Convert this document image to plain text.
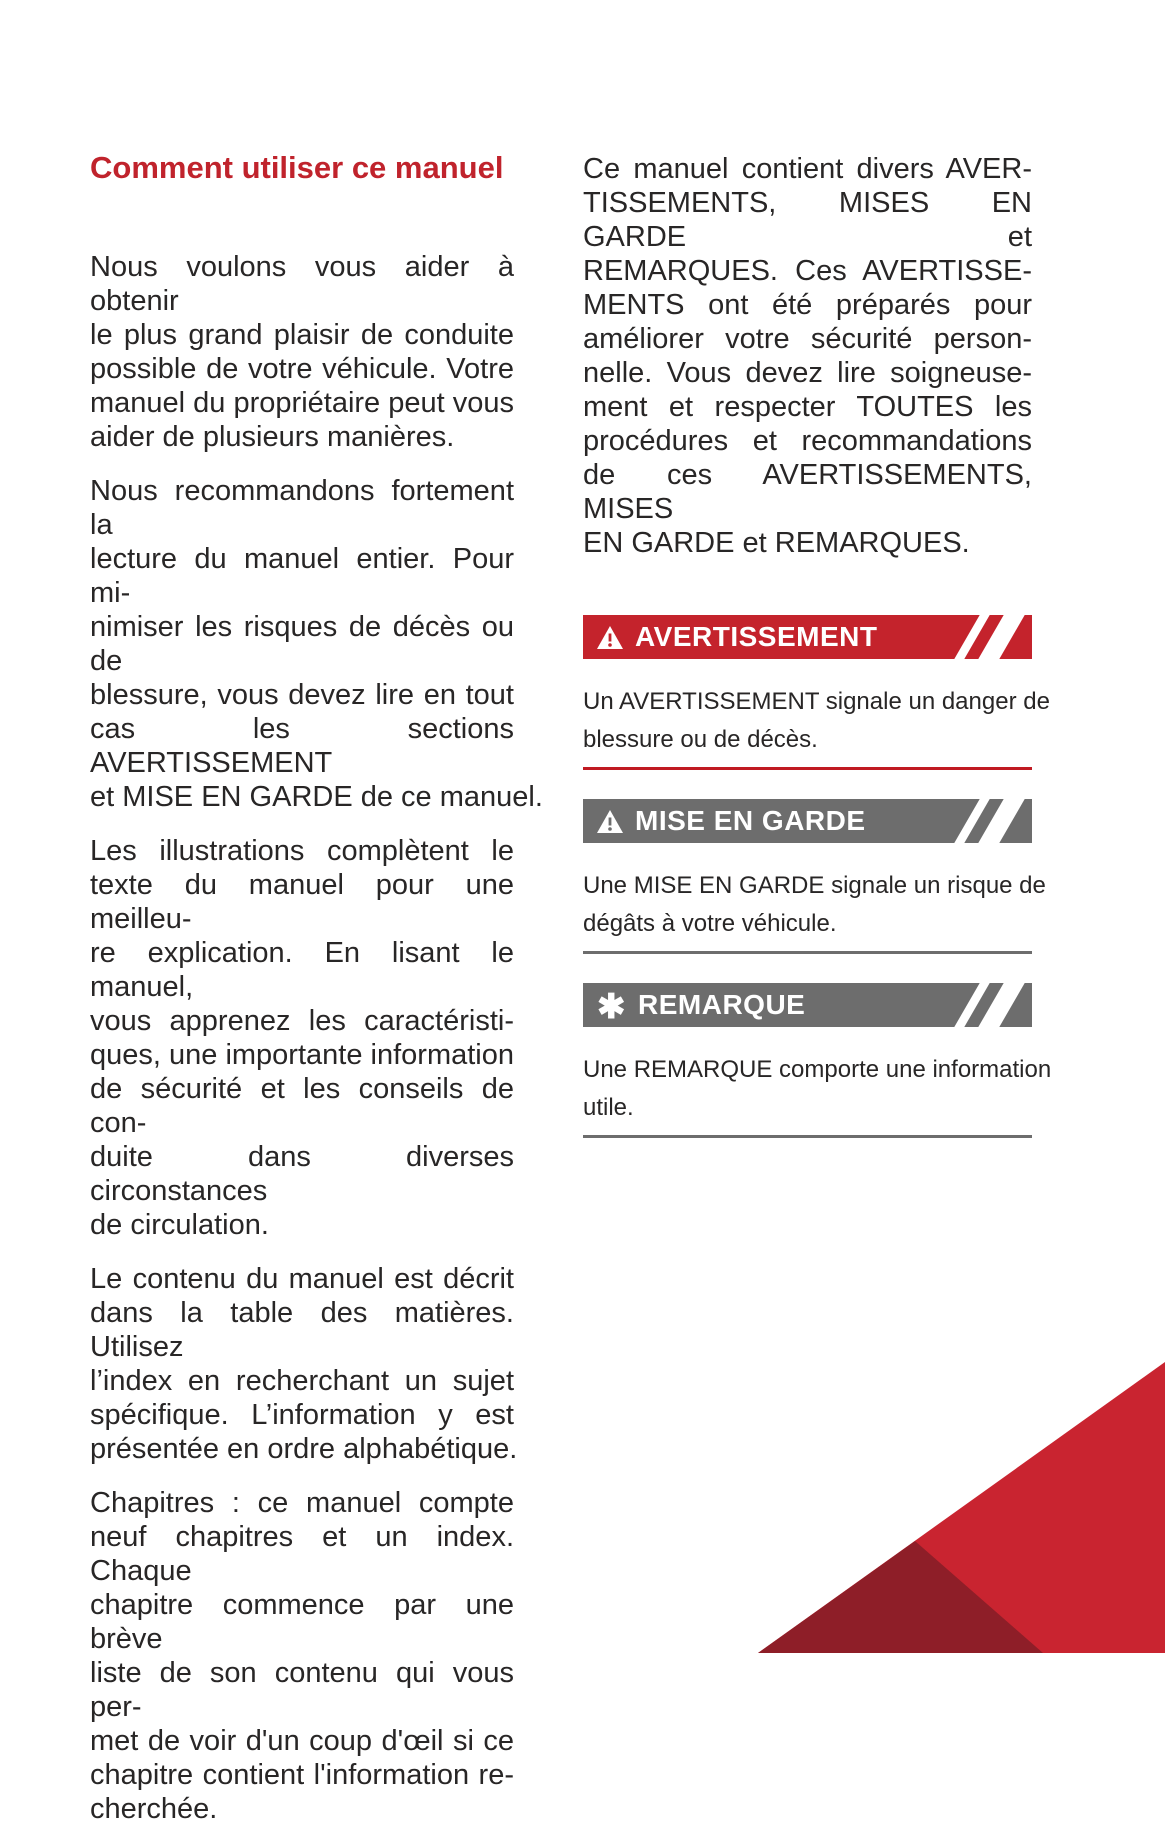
Comment utiliser ce manuel
Nous voulons vous aider à obtenir
le plus grand plaisir de conduite
possible de votre véhicule. Votre
manuel du propriétaire peut vous
aider de plusieurs manières.
Nous recommandons fortement la
lecture du manuel entier. Pour mi-
nimiser les risques de décès ou de
blessure, vous devez lire en tout
cas les sections AVERTISSEMENT
et MISE EN GARDE de ce manuel.
Les illustrations complètent le
texte du manuel pour une meilleu-
re explication. En lisant le manuel,
vous apprenez les caractéristi-
ques, une importante information
de sécurité et les conseils de con-
duite dans diverses circonstances
de circulation.
Le contenu du manuel est décrit
dans la table des matières. Utilisez
l’index en recherchant un sujet
spécifique. L’information y est
présentée en ordre alphabétique.
Chapitres : ce manuel compte
neuf chapitres et un index. Chaque
chapitre commence par une brève
liste de son contenu qui vous per-
met de voir d'un coup d'œil si ce
chapitre contient l'information re-
cherchée.
Ce manuel contient divers AVER-
TISSEMENTS, MISES EN GARDE et
REMARQUES. Ces AVERTISSE-
MENTS ont été préparés pour
améliorer votre sécurité person-
nelle. Vous devez lire soigneuse-
ment et respecter TOUTES les
procédures et recommandations
de ces AVERTISSEMENTS, MISES
EN GARDE et REMARQUES.
AVERTISSEMENT
Un AVERTISSEMENT signale un danger de
blessure ou de décès.
MISE EN GARDE
Une MISE EN GARDE signale un risque de
dégâts à votre véhicule.
✱ REMARQUE
Une REMARQUE comporte une information
utile.
